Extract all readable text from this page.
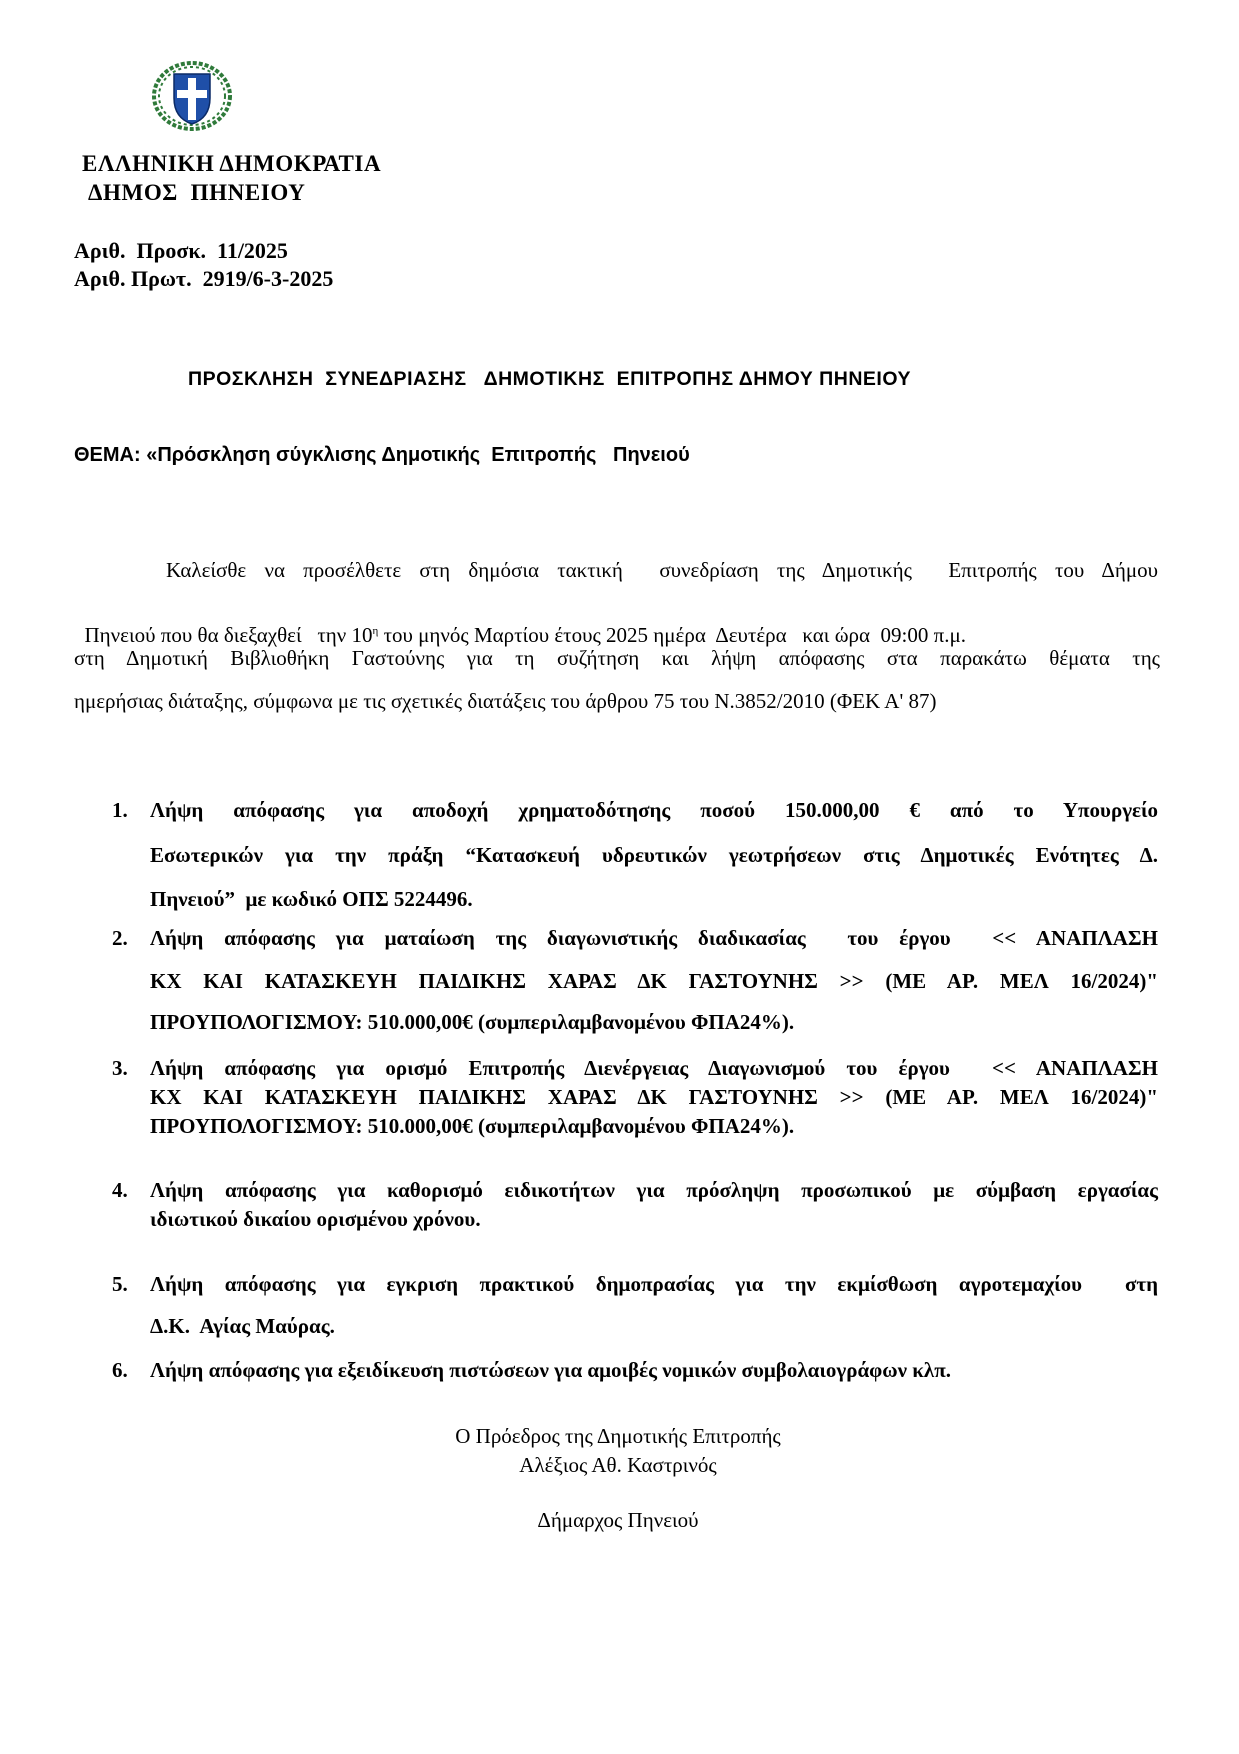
ΕΛΛΗΝΙΚΗ ΔΗΜΟΚΡΑΤΙΑ
ΔΗΜΟΣ  ΠΗΝΕΙΟΥ
Αριθ.  Προσκ.  11/2025
Αριθ. Πρωτ.  2919/6-3-2025
ΠΡΟΣΚΛΗΣΗ  ΣΥΝΕΔΡΙΑΣΗΣ   ΔΗΜΟΤΙΚΗΣ  ΕΠΙΤΡΟΠΗΣ ΔΗΜΟΥ ΠΗΝΕΙΟΥ
ΘΕΜΑ: «Πρόσκληση σύγκλισης Δημοτικής  Επιτροπής   Πηνειού
Καλείσθε να προσέλθετε στη δημόσια τακτική  συνεδρίαση της Δημοτικής  Επιτροπής του Δήμου

Πηνειού που θα διεξαχθεί   την $10^\eta$ του μηνός Μαρτίου έτους 2025 ημέρα  Δευτέρα   και ώρα  09:00 π.μ.

στη Δημοτική Βιβλιοθήκη Γαστούνης για τη συζήτηση και λήψη απόφασης στα παρακάτω θέματα της
ημερήσιας διάταξης, σύμφωνα με τις σχετικές διατάξεις του άρθρου 75 του Ν.3852/2010 (ΦΕΚ Α' 87)
1. Λήψη απόφασης για αποδοχή χρηματοδότησης ποσού 150.000,00 € από το Υπουργείο
Εσωτερικών για την πράξη “Κατασκευή υδρευτικών γεωτρήσεων στις Δημοτικές Ενότητες Δ.
Πηνειού”  με κωδικό ΟΠΣ 5224496.
2. Λήψη απόφασης για ματαίωση της διαγωνιστικής διαδικασίας  του έργου  << ΑΝΑΠΛΑΣΗ
ΚΧ ΚΑΙ ΚΑΤΑΣΚΕΥΗ ΠΑΙΔΙΚΗΣ ΧΑΡΑΣ ΔΚ ΓΑΣΤΟΥΝΗΣ >> (ΜΕ ΑΡ. ΜΕΛ 16/2024)"
ΠΡΟΥΠΟΛΟΓΙΣΜΟΥ: 510.000,00€ (συμπεριλαμβανομένου ΦΠΑ24%).
3. Λήψη απόφασης για ορισμό Επιτροπής Διενέργειας Διαγωνισμού του έργου  << ΑΝΑΠΛΑΣΗ
ΚΧ ΚΑΙ ΚΑΤΑΣΚΕΥΗ ΠΑΙΔΙΚΗΣ ΧΑΡΑΣ ΔΚ ΓΑΣΤΟΥΝΗΣ >> (ΜΕ ΑΡ. ΜΕΛ 16/2024)"
ΠΡΟΥΠΟΛΟΓΙΣΜΟΥ: 510.000,00€ (συμπεριλαμβανομένου ΦΠΑ24%).
4. Λήψη απόφασης για καθορισμό ειδικοτήτων για πρόσληψη προσωπικού με σύμβαση εργασίας
ιδιωτικού δικαίου ορισμένου χρόνου.
5. Λήψη απόφασης για εγκριση πρακτικού δημοπρασίας για την εκμίσθωση αγροτεμαχίου  στη
Δ.Κ.  Αγίας Μαύρας.
6. Λήψη απόφασης για εξειδίκευση πιστώσεων για αμοιβές νομικών συμβολαιογράφων κλπ.
Ο Πρόεδρος της Δημοτικής Επιτροπής
Αλέξιος Αθ. Καστρινός
Δήμαρχος Πηνειού
